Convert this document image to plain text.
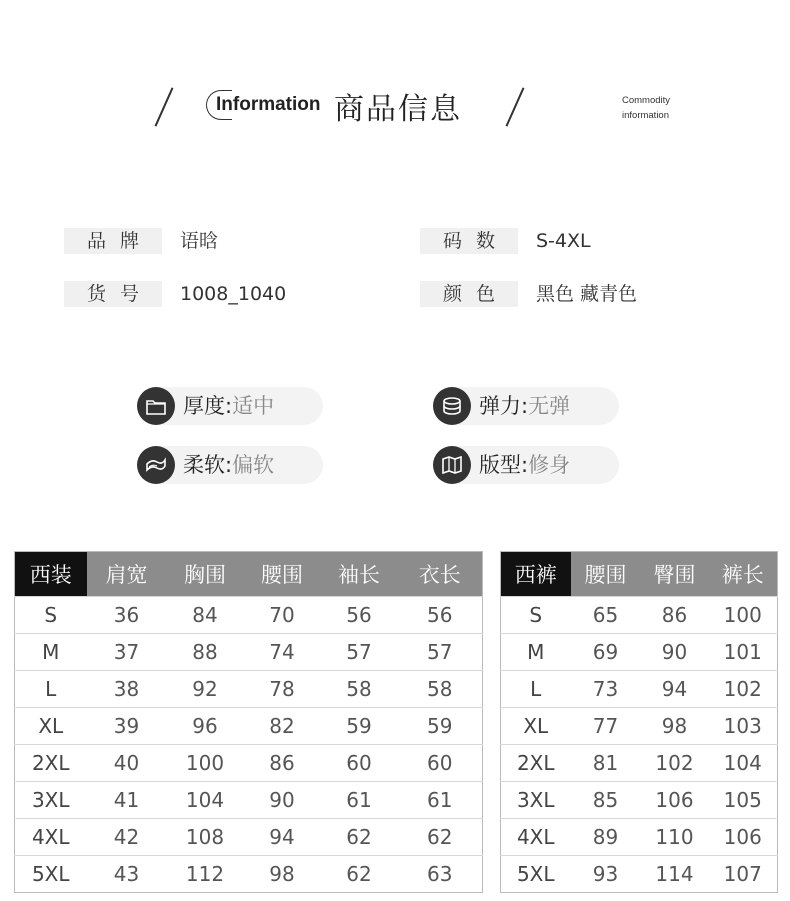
Information 商品信息	Commodity
information
品牌	语晗	码数	S-4XL
货号	1008_1040	颜色	黑色 藏青色
厚度:适中	弹力:无弹
柔软:偏软	版型:修身
西装	肩宽	胸围	腰围	袖长	衣长
S	36	84	70	56	56
M	37	88	74	57	57
L	38	92	78	58	58
XL	39	96	82	59	59
2XL	40	100	86	60	60
3XL	41	104	90	61	61
4XL	42	108	94	62	62
5XL	43	112	98	62	63
西裤	腰围	臀围	裤长
S	65	86	100
M	69	90	101
L	73	94	102
XL	77	98	103
2XL	81	102	104
3XL	85	106	105
4XL	89	110	106
5XL	93	114	107
